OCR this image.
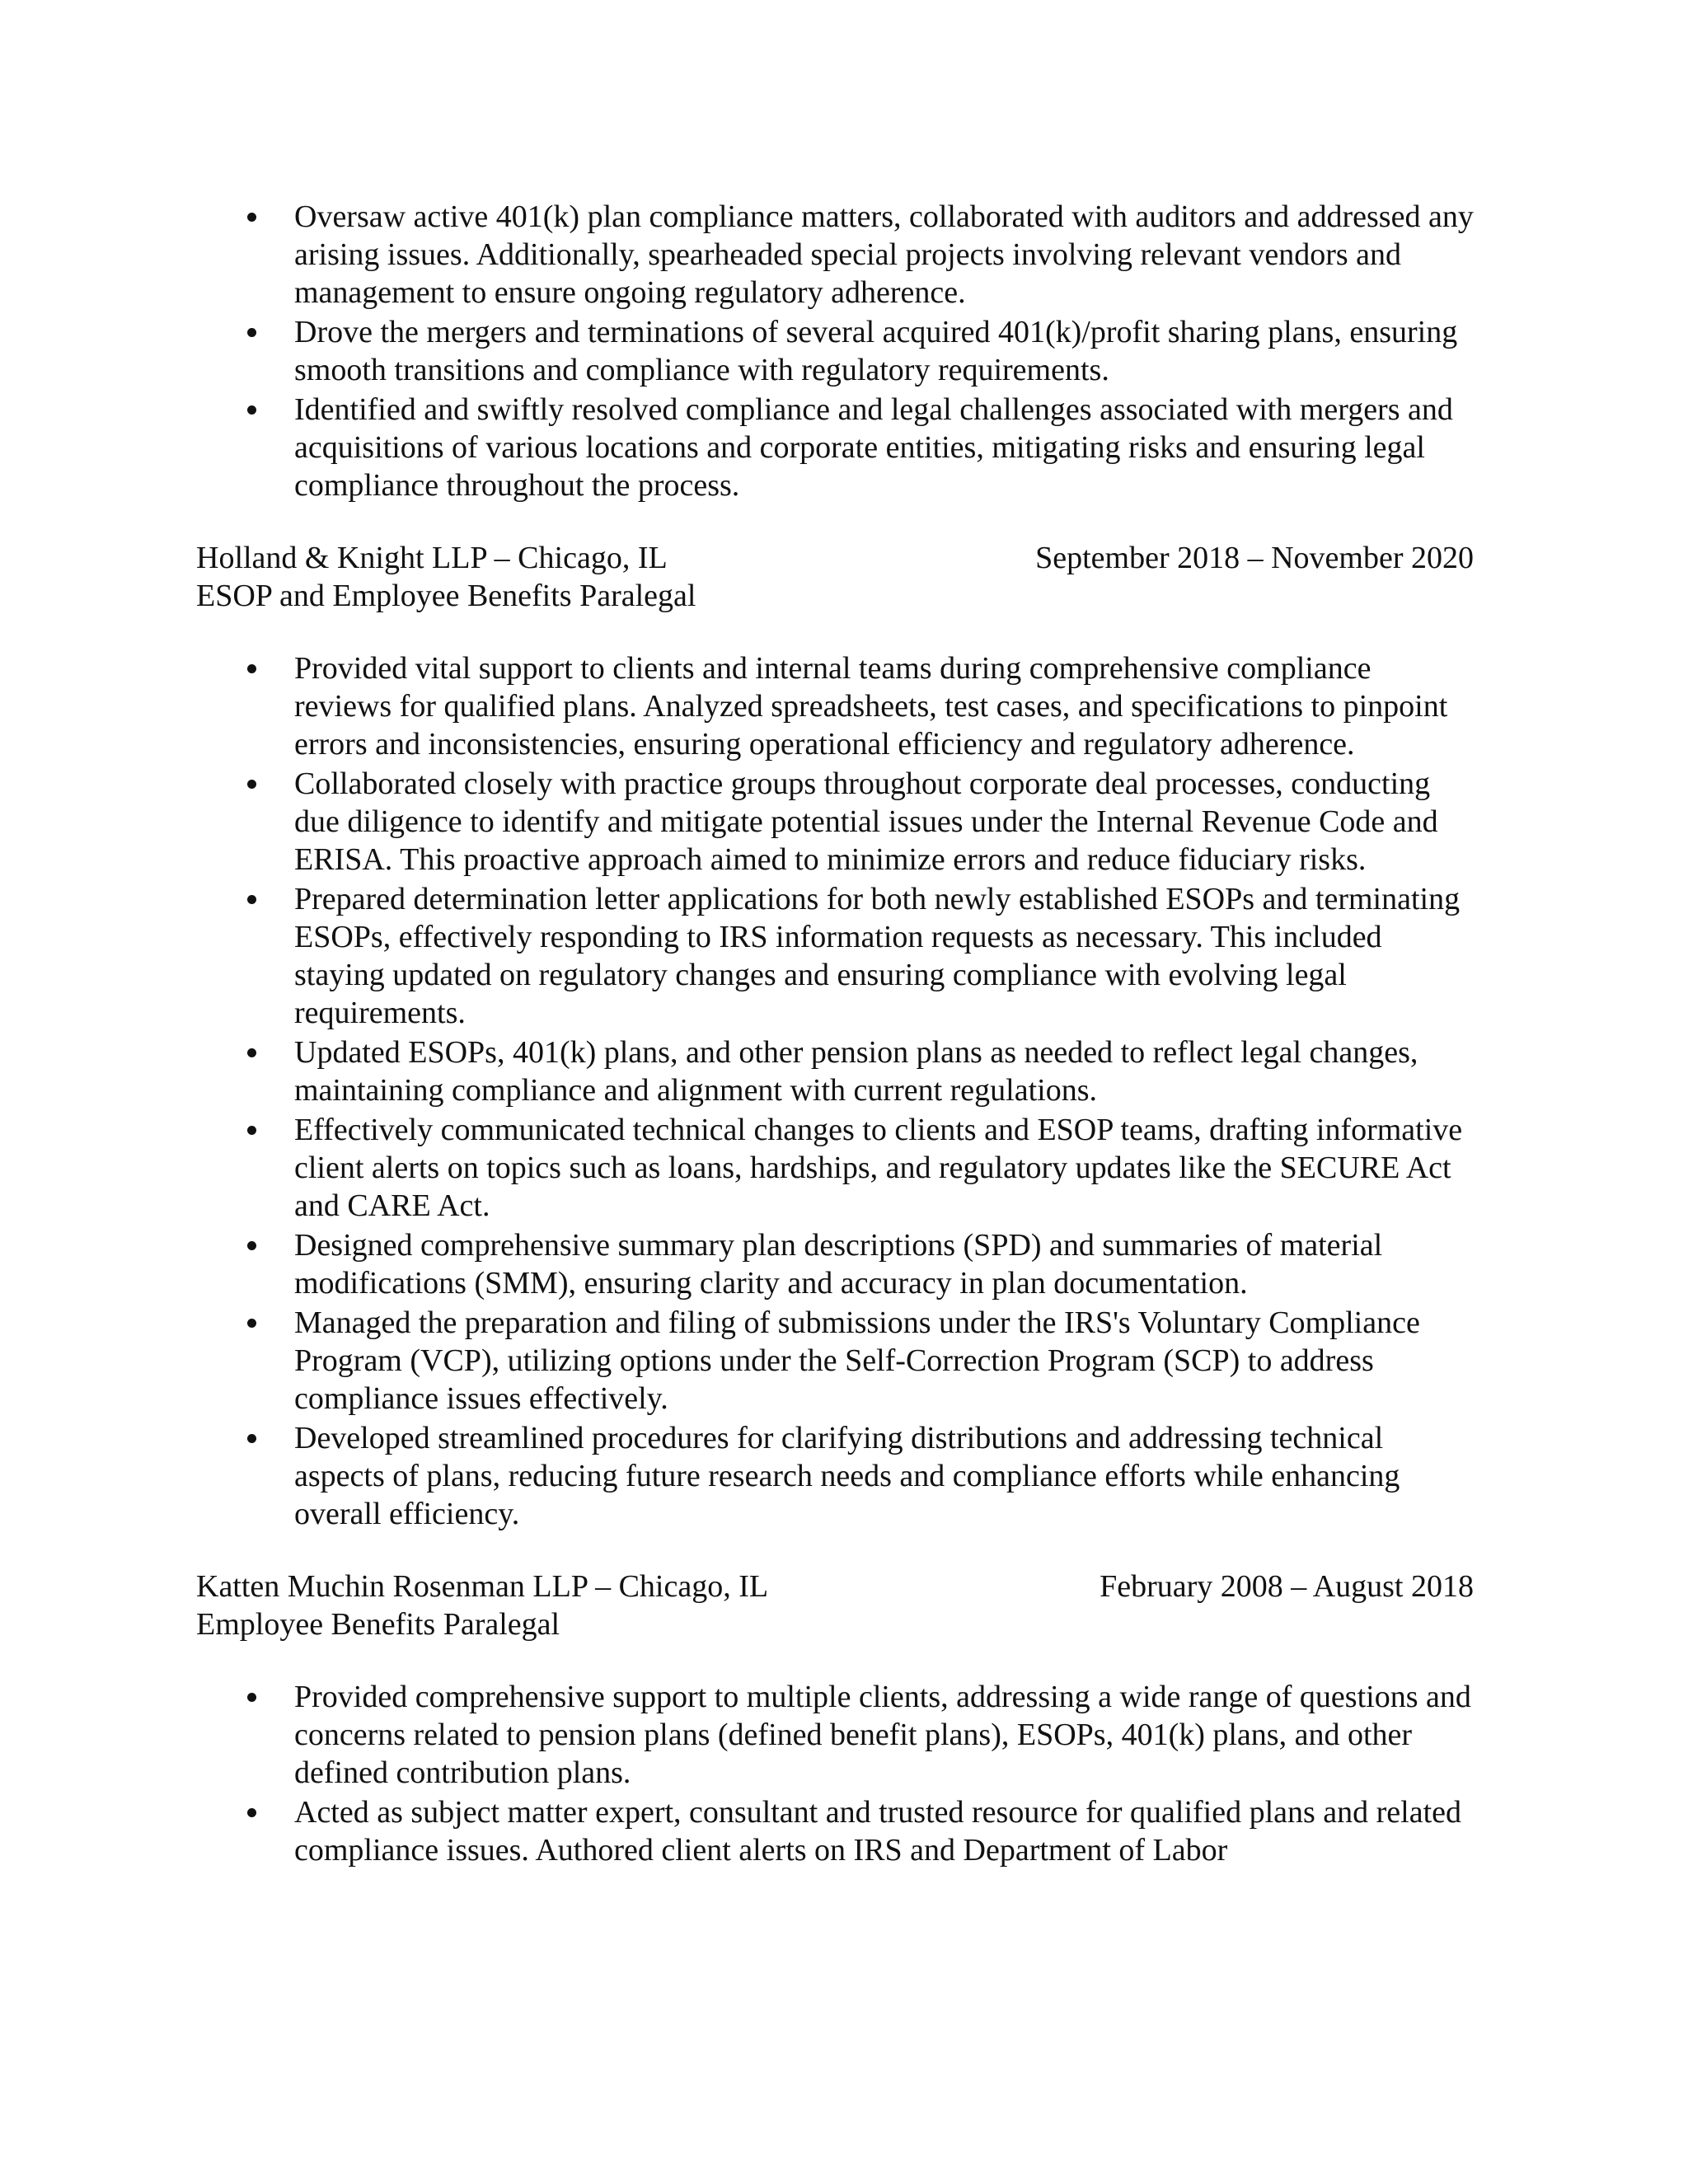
Oversaw active 401(k) plan compliance matters, collaborated with auditors and addressed any arising issues. Additionally, spearheaded special projects involving relevant vendors and management to ensure ongoing regulatory adherence.
Drove the mergers and terminations of several acquired 401(k)/profit sharing plans, ensuring smooth transitions and compliance with regulatory requirements.
Identified and swiftly resolved compliance and legal challenges associated with mergers and acquisitions of various locations and corporate entities, mitigating risks and ensuring legal compliance throughout the process.
Holland & Knight LLP – Chicago, IL	September 2018 – November 2020
ESOP and Employee Benefits Paralegal
Provided vital support to clients and internal teams during comprehensive compliance reviews for qualified plans. Analyzed spreadsheets, test cases, and specifications to pinpoint errors and inconsistencies, ensuring operational efficiency and regulatory adherence.
Collaborated closely with practice groups throughout corporate deal processes, conducting due diligence to identify and mitigate potential issues under the Internal Revenue Code and ERISA. This proactive approach aimed to minimize errors and reduce fiduciary risks.
Prepared determination letter applications for both newly established ESOPs and terminating ESOPs, effectively responding to IRS information requests as necessary. This included staying updated on regulatory changes and ensuring compliance with evolving legal requirements.
Updated ESOPs, 401(k) plans, and other pension plans as needed to reflect legal changes, maintaining compliance and alignment with current regulations.
Effectively communicated technical changes to clients and ESOP teams, drafting informative client alerts on topics such as loans, hardships, and regulatory updates like the SECURE Act and CARE Act.
Designed comprehensive summary plan descriptions (SPD) and summaries of material modifications (SMM), ensuring clarity and accuracy in plan documentation.
Managed the preparation and filing of submissions under the IRS's Voluntary Compliance Program (VCP), utilizing options under the Self-Correction Program (SCP) to address compliance issues effectively.
Developed streamlined procedures for clarifying distributions and addressing technical aspects of plans, reducing future research needs and compliance efforts while enhancing overall efficiency.
Katten Muchin Rosenman LLP – Chicago, IL	February 2008 – August 2018
Employee Benefits Paralegal
Provided comprehensive support to multiple clients, addressing a wide range of questions and concerns related to pension plans (defined benefit plans), ESOPs, 401(k) plans, and other defined contribution plans.
Acted as subject matter expert, consultant and trusted resource for qualified plans and related compliance issues. Authored client alerts on IRS and Department of Labor
